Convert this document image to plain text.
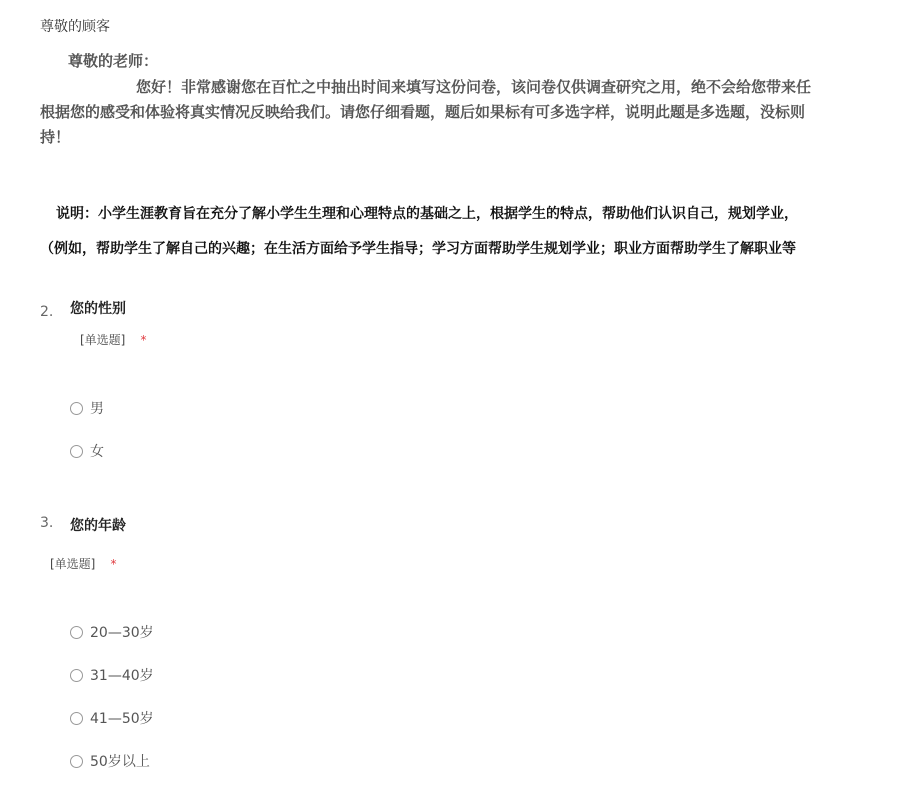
尊敬的顾客
尊敬的老师：
您好！非常感谢您在百忙之中抽出时间来填写这份问卷，该问卷仅供调查研究之用，绝不会给您带来任
根据您的感受和体验将真实情况反映给我们。请您仔细看题，题后如果标有可多选字样，说明此题是多选题，没标则
持！
说明：小学生涯教育旨在充分了解小学生生理和心理特点的基础之上，根据学生的特点，帮助他们认识自己，规划学业，
（例如，帮助学生了解自己的兴趣；在生活方面给予学生指导；学习方面帮助学生规划学业；职业方面帮助学生了解职业等
2. 您的性别
[单选题] *
男
女
3. 您的年龄
[单选题] *
20—30岁
31—40岁
41—50岁
50岁以上
